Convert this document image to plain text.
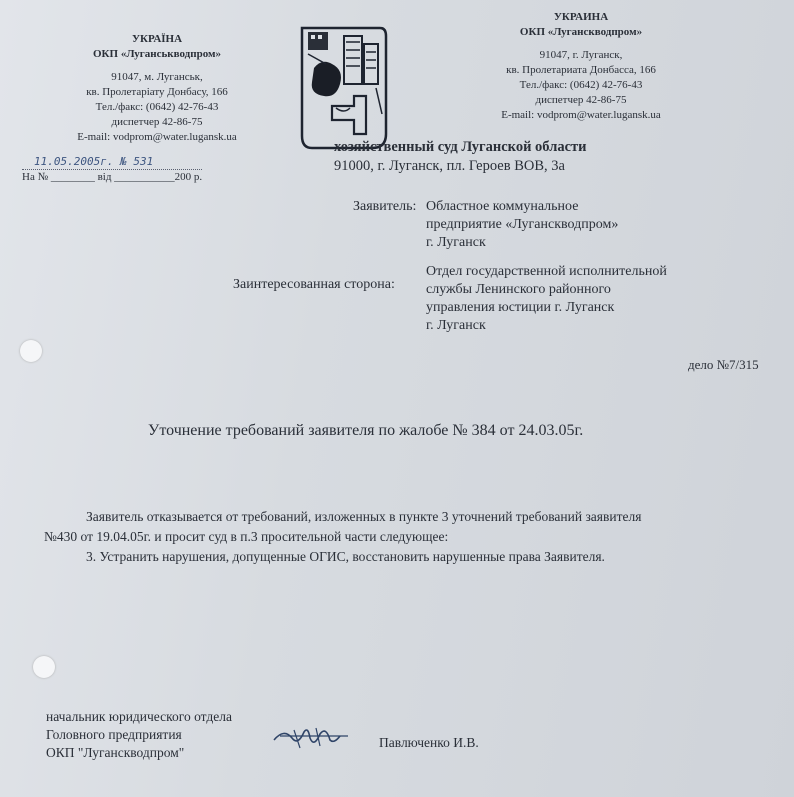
УКРАЇНА
ОКП «Луганськводпром»
91047, м. Луганськ,
кв. Пролетаріату Донбасу, 166
Тел./факс: (0642) 42-76-43
диспетчер 42-86-75
E-mail: vodprom@water.lugansk.ua
11.05.2005г. № 531
На № ________ від ___________200 р.
УКРАИНА
ОКП «Луганскводпром»
91047, г. Луганск,
кв. Пролетариата Донбасса, 166
Тел./факс: (0642) 42-76-43
диспетчер 42-86-75
E-mail: vodprom@water.lugansk.ua
хозяйственный суд Луганской области
91000, г. Луганск, пл. Героев ВОВ, 3а
Заявитель: Областное коммунальное
предприятие «Луганскводпром»
г. Луганск
Заинтересованная сторона:
Отдел государственной исполнительной
службы Ленинского районного
управления юстиции г. Луганск
г. Луганск
дело №7/315
Уточнение требований заявителя по жалобе № 384 от 24.03.05г.
Заявитель отказывается от требований, изложенных в пункте 3 уточнений требований заявителя
№430 от 19.04.05г. и просит суд в п.3 просительной части следующее:
3. Устранить нарушения, допущенные ОГИС, восстановить нарушенные права Заявителя.
начальник юридического отдела
Головного предприятия
ОКП "Луганскводпром"
Павлюченко И.В.
